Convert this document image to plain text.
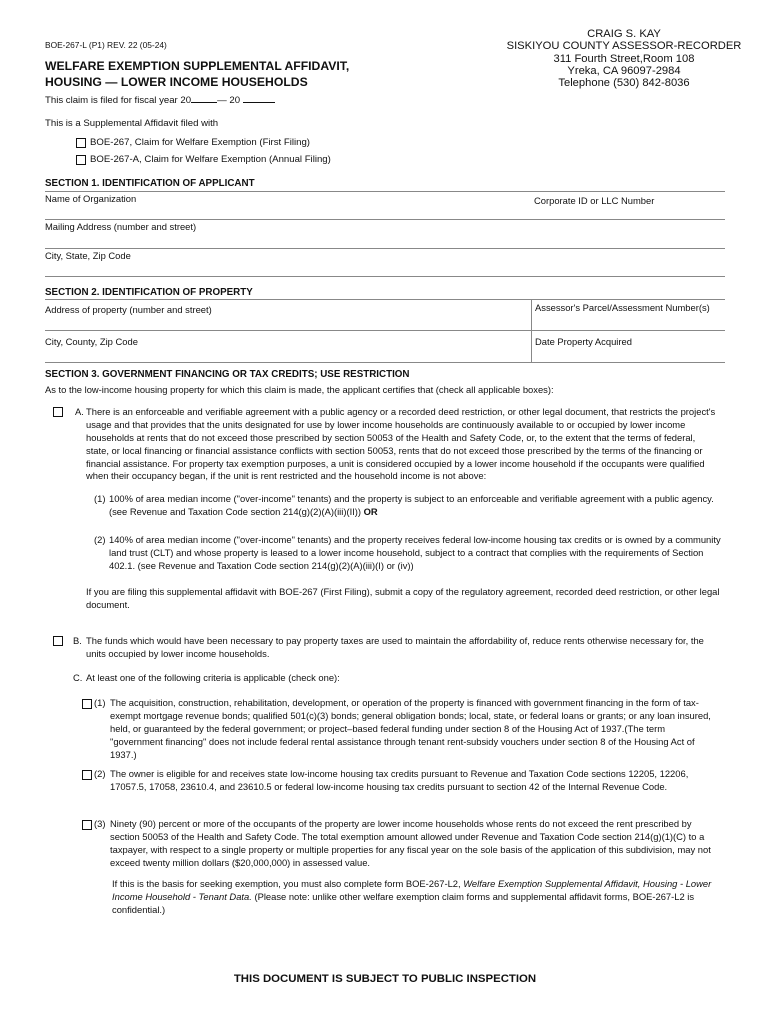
BOE-267-L (P1) REV. 22 (05-24)
WELFARE EXEMPTION SUPPLEMENTAL AFFIDAVIT,
HOUSING — LOWER INCOME HOUSEHOLDS
CRAIG S. KAY
SISKIYOU COUNTY ASSESSOR-RECORDER
311 Fourth Street,Room 108
Yreka, CA 96097-2984
Telephone (530) 842-8036
This claim is filed for fiscal year 20	— 20
This is a Supplemental Affidavit filed with
BOE-267, Claim for Welfare Exemption (First Filing)
BOE-267-A, Claim for Welfare Exemption (Annual Filing)
SECTION 1. IDENTIFICATION OF APPLICANT
Name of Organization	Corporate ID or LLC Number
Mailing Address (number and street)
City, State, Zip Code
SECTION 2. IDENTIFICATION OF PROPERTY
Address of property (number and street)	Assessor's Parcel/Assessment Number(s)
City, County, Zip Code	Date Property Acquired
SECTION 3. GOVERNMENT FINANCING OR TAX CREDITS; USE RESTRICTION
As to the low-income housing property for which this claim is made, the applicant certifies that (check all applicable boxes):
A. There is an enforceable and verifiable agreement with a public agency or a recorded deed restriction, or other legal document, that restricts the project's usage and that provides that the units designated for use by lower income households are continuously available to or occupied by lower income households at rents that do not exceed those prescribed by section 50053 of the Health and Safety Code, or, to the extent that the terms of federal, state, or local financing or financial assistance conflicts with section 50053, rents that do not exceed those prescribed by the terms of the financing or financial assistance. For property tax exemption purposes, a unit is considered occupied by a lower income household if the occupants were qualified when their occupancy began, if the unit is rent restricted and the household income is not above:
(1) 100% of area median income ("over-income" tenants) and the property is subject to an enforceable and verifiable agreement with a public agency. (see Revenue and Taxation Code section 214(g)(2)(A)(iii)(II)) OR
(2) 140% of area median income ("over-income" tenants) and the property receives federal low-income housing tax credits or is owned by a community land trust (CLT) and whose property is leased to a lower income household, subject to a contract that complies with the requirements of Section 402.1. (see Revenue and Taxation Code section 214(g)(2)(A)(iii)(I) or (iv))
If you are filing this supplemental affidavit with BOE-267 (First Filing), submit a copy of the regulatory agreement, recorded deed restriction, or other legal document.
B. The funds which would have been necessary to pay property taxes are used to maintain the affordability of, reduce rents otherwise necessary for, the units occupied by lower income households.
C. At least one of the following criteria is applicable (check one):
(1) The acquisition, construction, rehabilitation, development, or operation of the property is financed with government financing in the form of tax-exempt mortgage revenue bonds; qualified 501(c)(3) bonds; general obligation bonds; local, state, or federal loans or grants; or any loan insured, held, or guaranteed by the federal government; or project–based federal funding under section 8 of the Housing Act of 1937.(The term "government financing" does not include federal rental assistance through tenant rent-subsidy vouchers under section 8 of the Housing Act of 1937.)
(2) The owner is eligible for and receives state low-income housing tax credits pursuant to Revenue and Taxation Code sections 12205, 12206, 17057.5, 17058, 23610.4, and 23610.5 or federal low-income housing tax credits pursuant to section 42 of the Internal Revenue Code.
(3) Ninety (90) percent or more of the occupants of the property are lower income households whose rents do not exceed the rent prescribed by section 50053 of the Health and Safety Code. The total exemption amount allowed under Revenue and Taxation Code section 214(g)(1)(C) to a taxpayer, with respect to a single property or multiple properties for any fiscal year on the sole basis of the application of this subdivision, may not exceed twenty million dollars ($20,000,000) in assessed value.
If this is the basis for seeking exemption, you must also complete form BOE-267-L2, Welfare Exemption Supplemental Affidavit, Housing - Lower Income Household - Tenant Data. (Please note: unlike other welfare exemption claim forms and supplemental affidavit forms, BOE-267-L2 is confidential.)
THIS DOCUMENT IS SUBJECT TO PUBLIC INSPECTION
